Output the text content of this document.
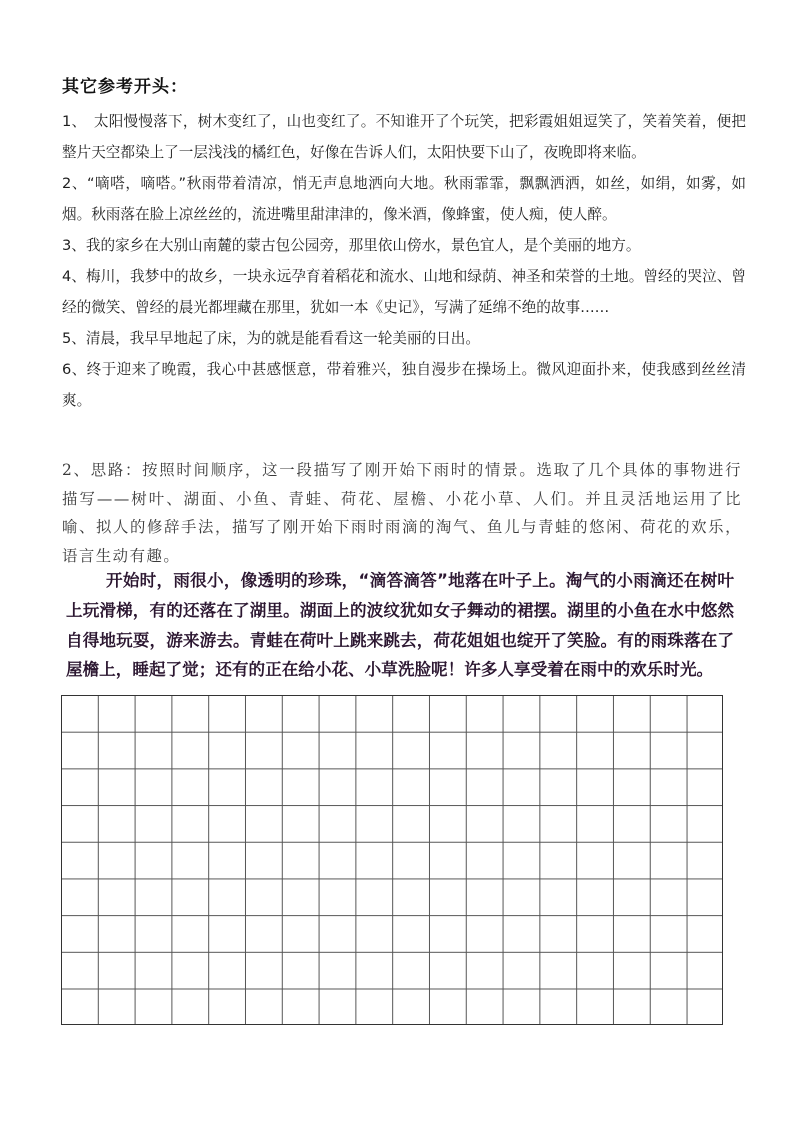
其它参考开头：

1、　太阳慢慢落下，树木变红了，山也变红了。不知谁开了个玩笑，把彩霞姐姐逗笑了，笑着笑着，便把整片天空都染上了一层浅浅的橘红色，好像在告诉人们，太阳快要下山了，夜晚即将来临。

2、“嘀嗒，嘀嗒。”秋雨带着清凉，悄无声息地洒向大地。秋雨霏霏，飘飘洒洒，如丝，如绢，如雾，如烟。秋雨落在脸上凉丝丝的，流进嘴里甜津津的，像米酒，像蜂蜜，使人痴，使人醉。

3、我的家乡在大别山南麓的蒙古包公园旁，那里依山傍水，景色宜人，是个美丽的地方。

4、梅川，我梦中的故乡，一块永远孕育着稻花和流水、山地和绿荫、神圣和荣誉的土地。曾经的哭泣、曾经的微笑、曾经的晨光都埋藏在那里，犹如一本《史记》，写满了延绵不绝的故事……

5、清晨，我早早地起了床，为的就是能看看这一轮美丽的日出。

6、终于迎来了晚霞，我心中甚感惬意，带着雅兴，独自漫步在操场上。微风迎面扑来，使我感到丝丝清爽。

2、思路：按照时间顺序，这一段描写了刚开始下雨时的情景。选取了几个具体的事物进行描写——树叶、湖面、小鱼、青蛙、荷花、屋檐、小花小草、人们。并且灵活地运用了比喻、拟人的修辞手法，描写了刚开始下雨时雨滴的淘气、鱼儿与青蛙的悠闲、荷花的欢乐，语言生动有趣。

开始时，雨很小，像透明的珍珠，“滴答滴答”地落在叶子上。淘气的小雨滴还在树叶上玩滑梯，有的还落在了湖里。湖面上的波纹犹如女子舞动的裙摆。湖里的小鱼在水中悠然自得地玩耍，游来游去。青蛙在荷叶上跳来跳去，荷花姐姐也绽开了笑脸。有的雨珠落在了屋檐上，睡起了觉；还有的正在给小花、小草洗脸呢！许多人享受着在雨中的欢乐时光。
